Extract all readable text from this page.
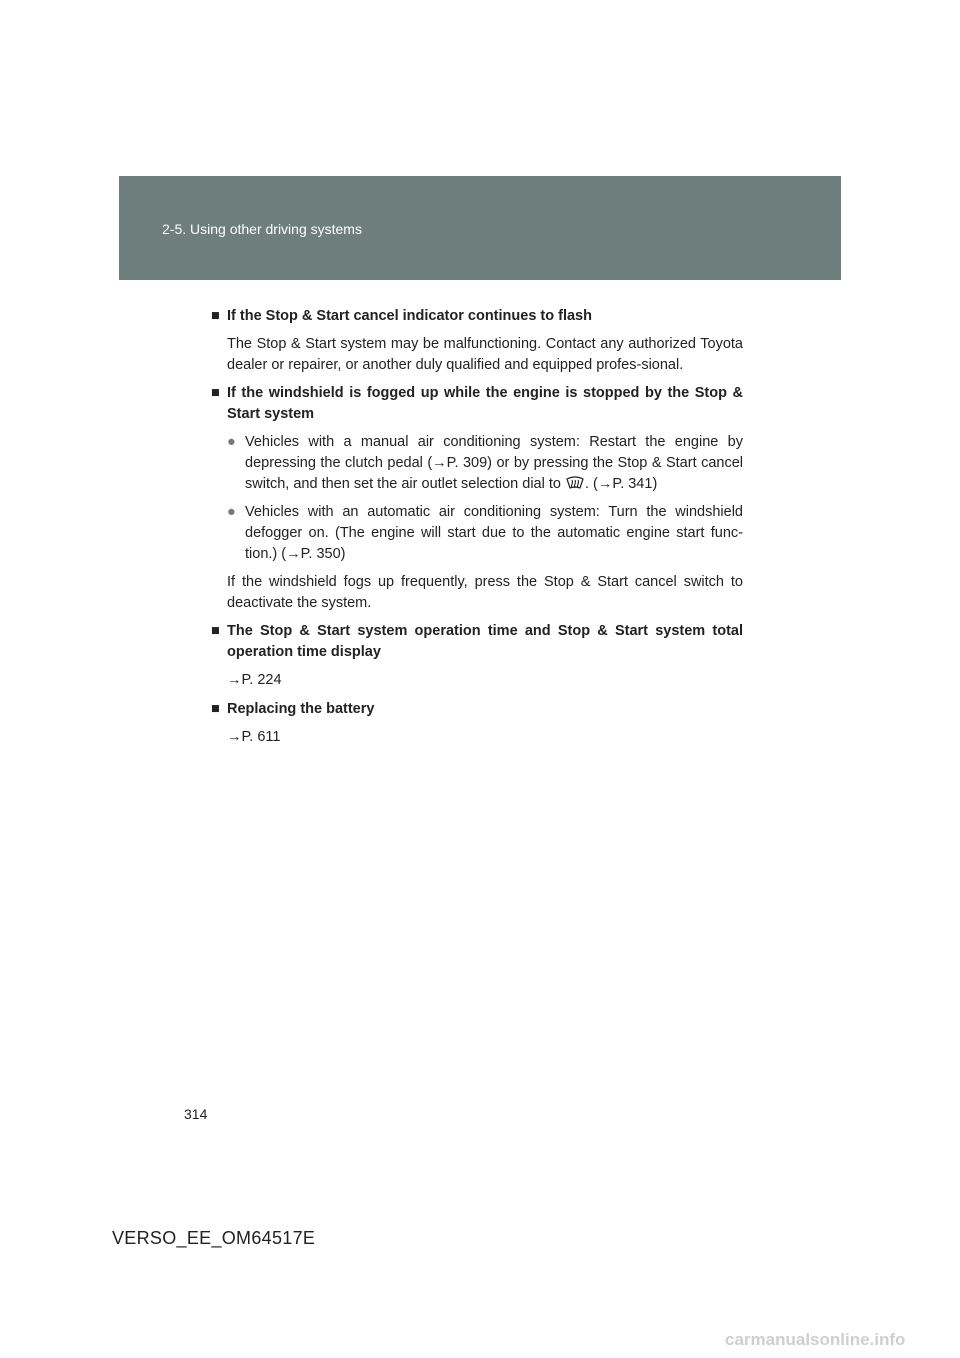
2-5. Using other driving systems
■ If the Stop & Start cancel indicator continues to flash
The Stop & Start system may be malfunctioning. Contact any authorized Toyota dealer or repairer, or another duly qualified and equipped profes-sional.
■ If the windshield is fogged up while the engine is stopped by the Stop & Start system
● Vehicles with a manual air conditioning system: Restart the engine by depressing the clutch pedal (→P. 309) or by pressing the Stop & Start cancel switch, and then set the air outlet selection dial to . (→P. 341)
● Vehicles with an automatic air conditioning system: Turn the windshield defogger on. (The engine will start due to the automatic engine start func-tion.) (→P. 350)
If the windshield fogs up frequently, press the Stop & Start cancel switch to deactivate the system.
■ The Stop & Start system operation time and Stop & Start system total operation time display
→P. 224
■ Replacing the battery
→P. 611
314
VERSO_EE_OM64517E
carmanualsonline.info
